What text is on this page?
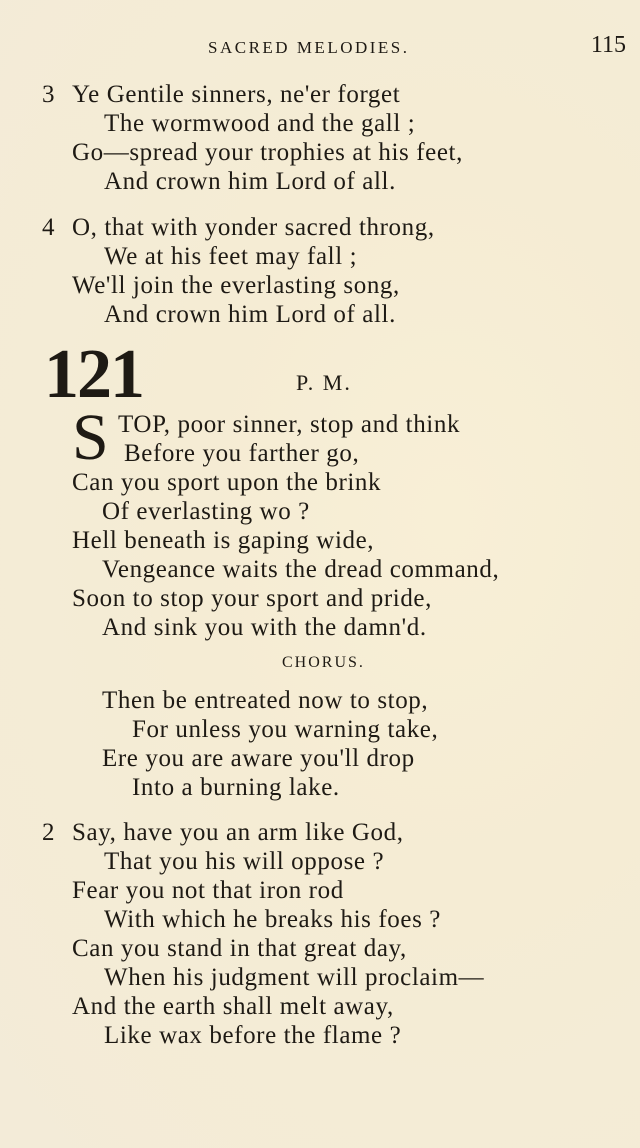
SACRED MELODIES.	115
3 Ye Gentile sinners, ne'er forget
The wormwood and the gall ;
Go—spread your trophies at his feet,
And crown him Lord of all.
4 O, that with yonder sacred throng,
We at his feet may fall ;
We'll join the everlasting song,
And crown him Lord of all.
121	P. M.
S TOP, poor sinner, stop and think
Before you farther go,
Can you sport upon the brink
Of everlasting wo ?
Hell beneath is gaping wide,
Vengeance waits the dread command,
Soon to stop your sport and pride,
And sink you with the damn'd.
CHORUS.
Then be entreated now to stop,
For unless you warning take,
Ere you are aware you'll drop
Into a burning lake.
2 Say, have you an arm like God,
That you his will oppose ?
Fear you not that iron rod
With which he breaks his foes ?
Can you stand in that great day,
When his judgment will proclaim—
And the earth shall melt away,
Like wax before the flame ?
